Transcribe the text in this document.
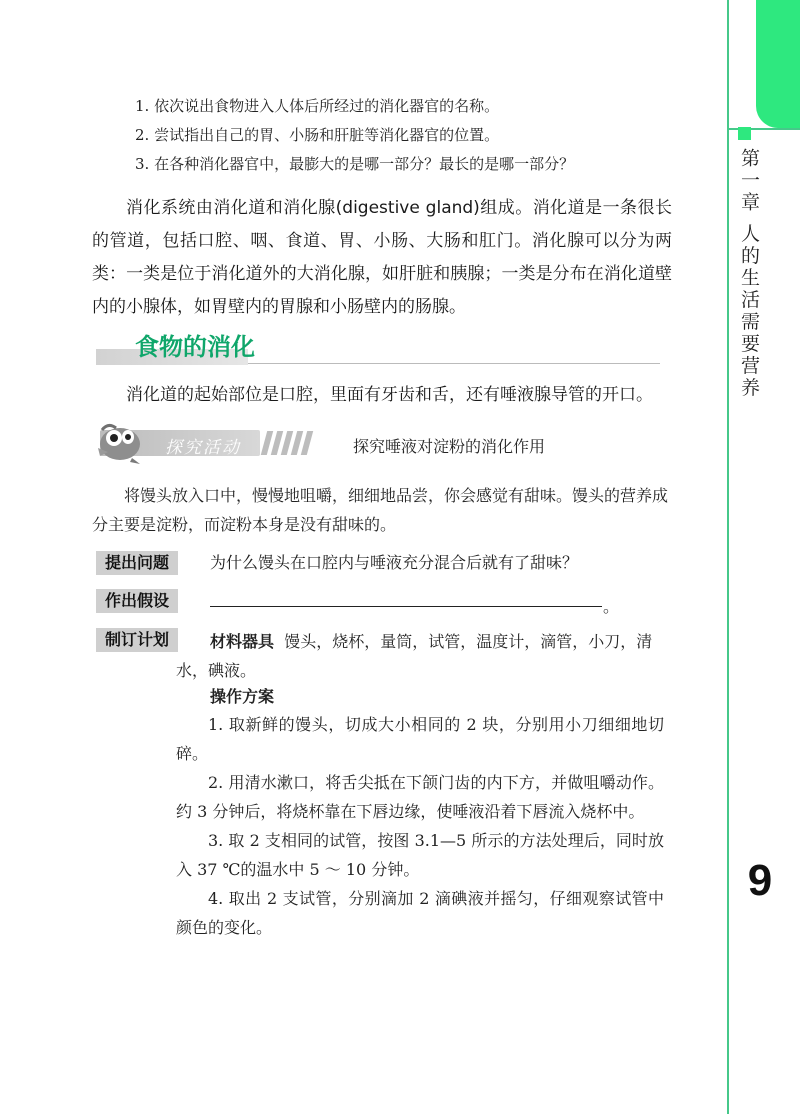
第一章 人的生活需要营养
9
1. 依次说出食物进入人体后所经过的消化器官的名称。
2. 尝试指出自己的胃、小肠和肝脏等消化器官的位置。
3. 在各种消化器官中，最膨大的是哪一部分？最长的是哪一部分？
消化系统由消化道和消化腺(digestive gland)组成。消化道是一条很长的管道，包括口腔、咽、食道、胃、小肠、大肠和肛门。消化腺可以分为两类：一类是位于消化道外的大消化腺，如肝脏和胰腺；一类是分布在消化道壁内的小腺体，如胃壁内的胃腺和小肠壁内的肠腺。
食物的消化
消化道的起始部位是口腔，里面有牙齿和舌，还有唾液腺导管的开口。
探究活动	探究唾液对淀粉的消化作用
将馒头放入口中，慢慢地咀嚼，细细地品尝，你会感觉有甜味。馒头的营养成分主要是淀粉，而淀粉本身是没有甜味的。
提出问题	为什么馒头在口腔内与唾液充分混合后就有了甜味？
作出假设	。
制订计划	材料器具 馒头，烧杯，量筒，试管，温度计，滴管，小刀，清水，碘液。
操作方案

1. 取新鲜的馒头，切成大小相同的 2 块，分别用小刀细细地切碎。

2. 用清水漱口，将舌尖抵在下颌门齿的内下方，并做咀嚼动作。约 3 分钟后，将烧杯靠在下唇边缘，使唾液沿着下唇流入烧杯中。

3. 取 2 支相同的试管，按图 3.1—5 所示的方法处理后，同时放入 37 ℃的温水中 5 ～ 10 分钟。

4. 取出 2 支试管，分别滴加 2 滴碘液并摇匀，仔细观察试管中颜色的变化。
